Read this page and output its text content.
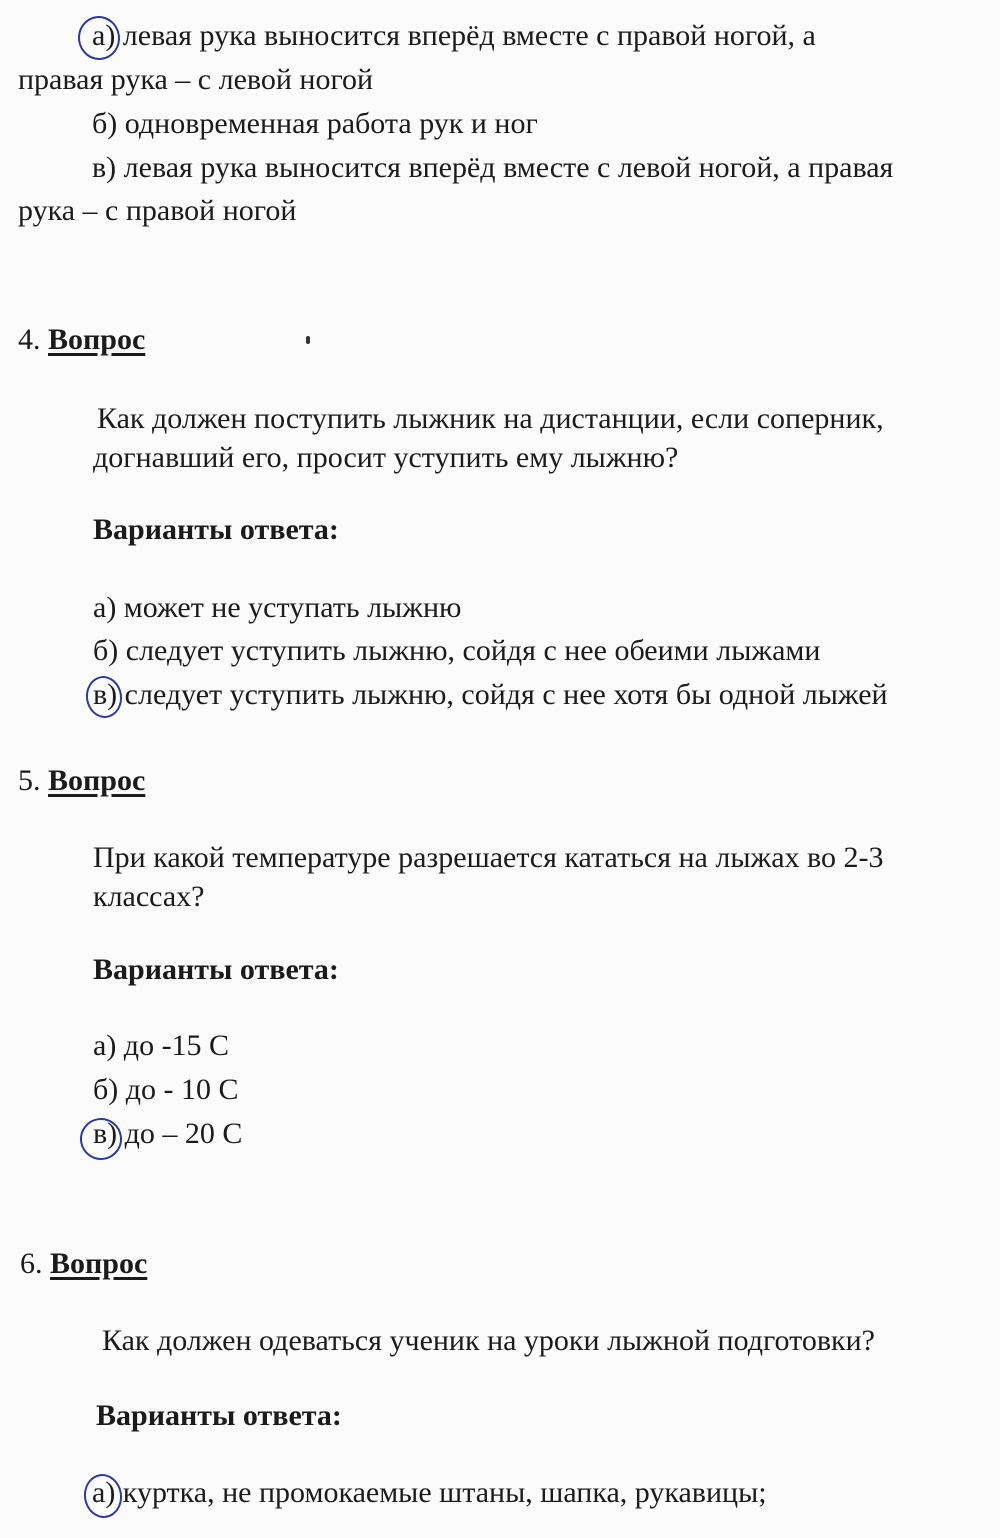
а) левая рука выносится вперёд вместе с правой ногой, а
правая рука – с левой ногой
б) одновременная работа рук и ног
в) левая рука выносится вперёд вместе с левой ногой, а правая
рука – с правой ногой
4. Вопрос
Как должен поступить лыжник на дистанции, если соперник,
догнавший его, просит уступить ему лыжню?
Варианты ответа:
а) может не уступать лыжню
б) следует уступить лыжню, сойдя с нее обеими лыжами
в) следует уступить лыжню, сойдя с нее хотя бы одной лыжей
5. Вопрос
При какой температуре разрешается кататься на лыжах во 2-3
классах?
Варианты ответа:
а) до -15 С
б) до - 10 С
в) до – 20 С
6. Вопрос
Как должен одеваться ученик на уроки лыжной подготовки?
Варианты ответа:
а) куртка, не промокаемые штаны, шапка, рукавицы;
